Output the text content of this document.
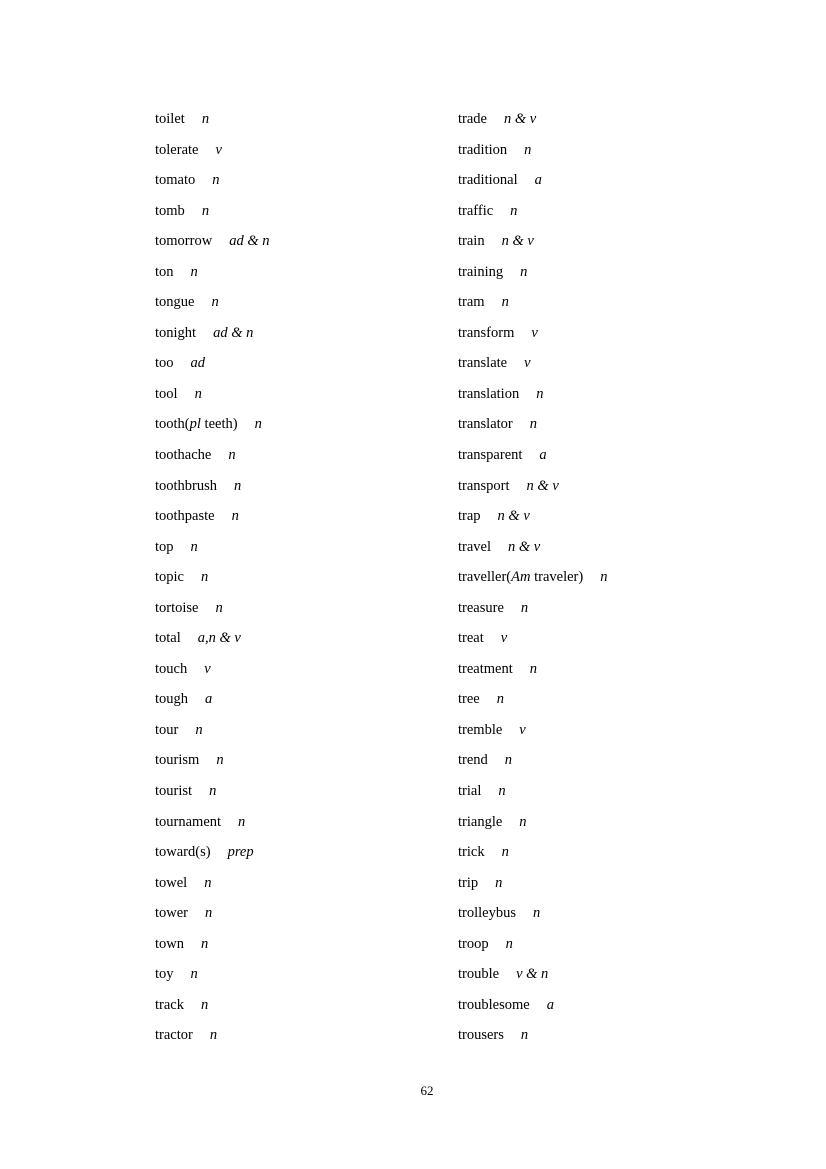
toilet n
tolerate v
tomato n
tomb n
tomorrow ad & n
ton n
tongue n
tonight ad & n
too ad
tool n
tooth(pl teeth) n
toothache n
toothbrush n
toothpaste n
top n
topic n
tortoise n
total a,n & v
touch v
tough a
tour n
tourism n
tourist n
tournament n
toward(s) prep
towel n
tower n
town n
toy n
track n
tractor n
trade n & v
tradition n
traditional a
traffic n
train n & v
training n
tram n
transform v
translate v
translation n
translator n
transparent a
transport n & v
trap n & v
travel n & v
traveller(Am traveler) n
treasure n
treat v
treatment n
tree n
tremble v
trend n
trial n
triangle n
trick n
trip n
trolleybus n
troop n
trouble v & n
troublesome a
trousers n
62
